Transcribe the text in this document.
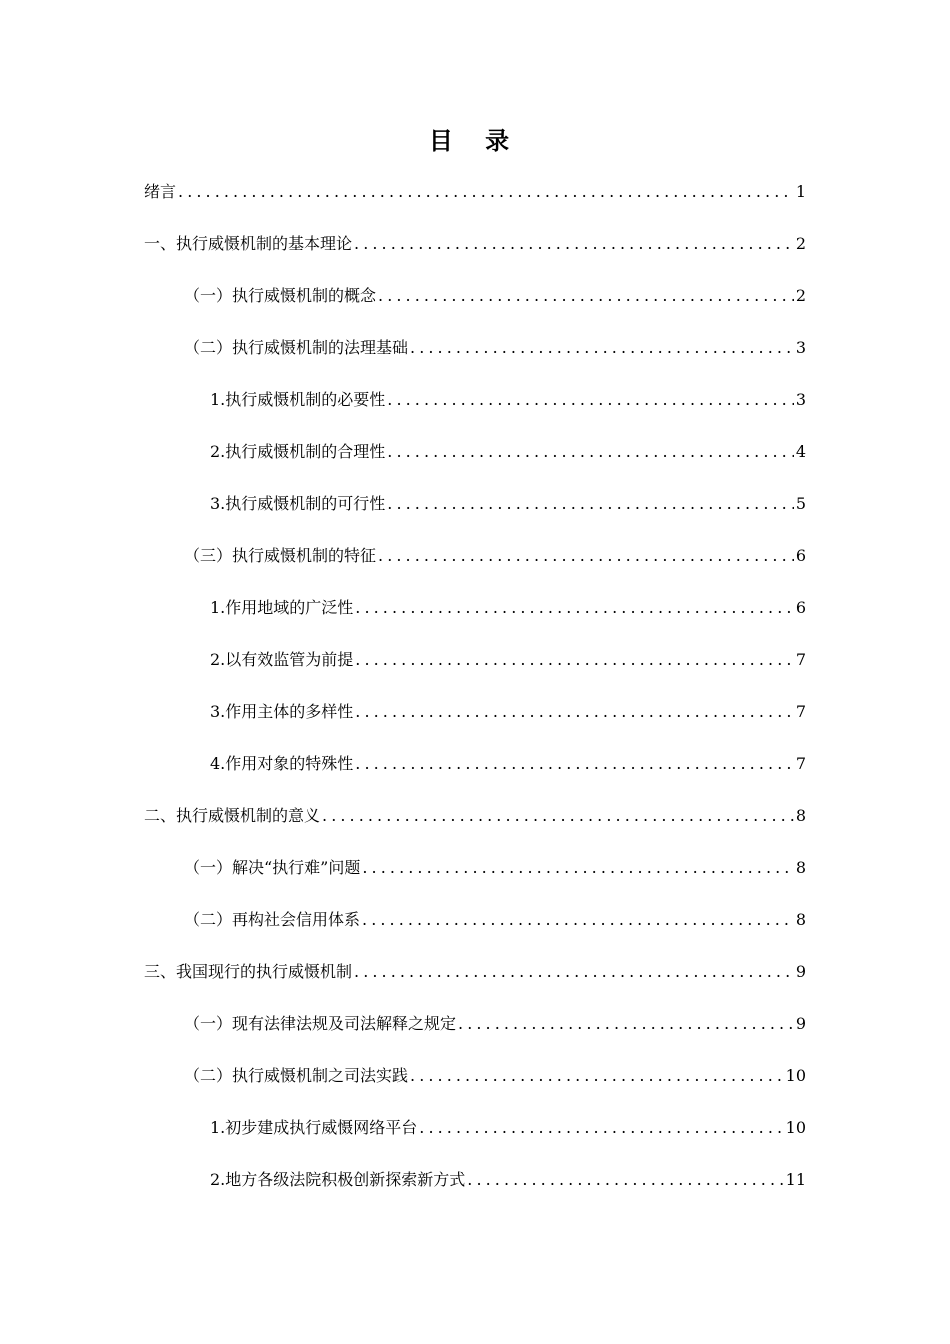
目 录
绪言 . . .	1
一、执行威慑机制的基本理论 . . .	2
（一）执行威慑机制的概念 . . .	2
（二）执行威慑机制的法理基础 . . .	3
1.执行威慑机制的必要性 . . .	3
2.执行威慑机制的合理性 . . .	4
3.执行威慑机制的可行性 . . .	5
（三）执行威慑机制的特征 . . .	6
1.作用地域的广泛性 . . .	6
2.以有效监管为前提 . . .	7
3.作用主体的多样性 . . .	7
4.作用对象的特殊性 . . .	7
二、执行威慑机制的意义 . . .	8
（一）解决“执行难”问题 . . .	8
（二）再构社会信用体系 . . .	8
三、我国现行的执行威慑机制 . . .	9
（一）现有法律法规及司法解释之规定 . . .	9
（二）执行威慑机制之司法实践 . . .	10
1.初步建成执行威慑网络平台 . . .	10
2.地方各级法院积极创新探索新方式 . . .	11
